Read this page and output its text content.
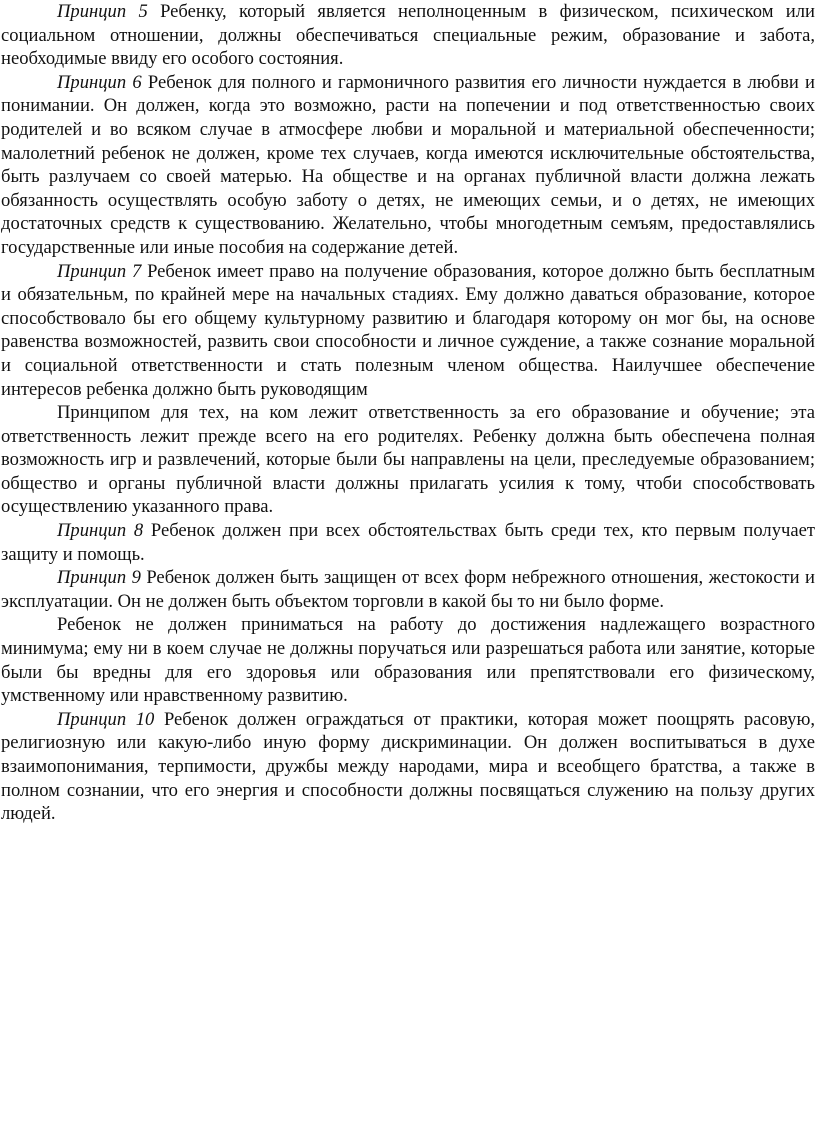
Принцип 5 Ребенку, который является неполноценным в физическом, психическом или социальном отношении, должны обеспечиваться специальные режим, образование и забота, необходимые ввиду его особого состояния.

Принцип 6 Ребенок для полного и гармоничного развития его личности нуждается в любви и понимании. Он должен, когда это возможно, расти на попечении и под ответственностью своих родителей и во всяком случае в атмосфере любви и моральной и материальной обеспеченности; малолетний ребенок не должен, кроме тех случаев, когда имеются исключительные обстоятельства, быть разлучаем со своей матерью. На обществе и на органах публичной власти должна лежать обязанность осуществлять особую заботу о детях, не имеющих семьи, и о детях, не имеющих достаточных средств к существованию. Желательно, чтобы многодетным семъям, предоставлялись государственные или иные пособия на содержание детей.

Принцип 7 Ребенок имеет право на получение образования, которое должно быть бесплатным и обязательньм, по крайней мере на начальных стадиях. Ему должно даваться образование, которое способствовало бы его общему культурному развитию и благодаря которому он мог бы, на основе равенства возможностей, развить свои способности и личное суждение, а также сознание моральной и социальной ответственности и стать полезным членом общества. Наилучшее обеспечение интересов ребенка должно быть руководящим

Принципом для тех, на ком лежит ответственность за его образование и обучение; эта ответственность лежит прежде всего на его родителях. Ребенку должна быть обеспечена полная возможность игр и развлечений, которые были бы направлены на цели, преследуемые образованием; общество и органы публичной власти должны прилагать усилия к тому, чтоби способствовать осуществлению указанного права.

Принцип 8 Ребенок должен при всех обстоятельствах быть среди тех, кто первым получает защиту и помощь.

Принцип 9 Ребенок должен быть защищен от всех форм небрежного отношения, жестокости и эксплуатации. Он не должен быть объектом торговли в какой бы то ни было форме.

Ребенок не должен приниматься на работу до достижения надлежащего возрастного минимума; ему ни в коем случае не должны поручаться или разрешаться работа или занятие, которые были бы вредны для его здоровья или образования или препятствовали его физическому, умственному или нравственному развитию.

Принцип 10 Ребенок должен ограждаться от практики, которая может поощрять расовую, религиозную или какую-либо иную форму дискриминации. Он должен воспитываться в духе взаимопонимания, терпимости, дружбы между народами, мира и всеобщего братства, а также в полном сознании, что его энергия и способности должны посвящаться служению на пользу других людей.
